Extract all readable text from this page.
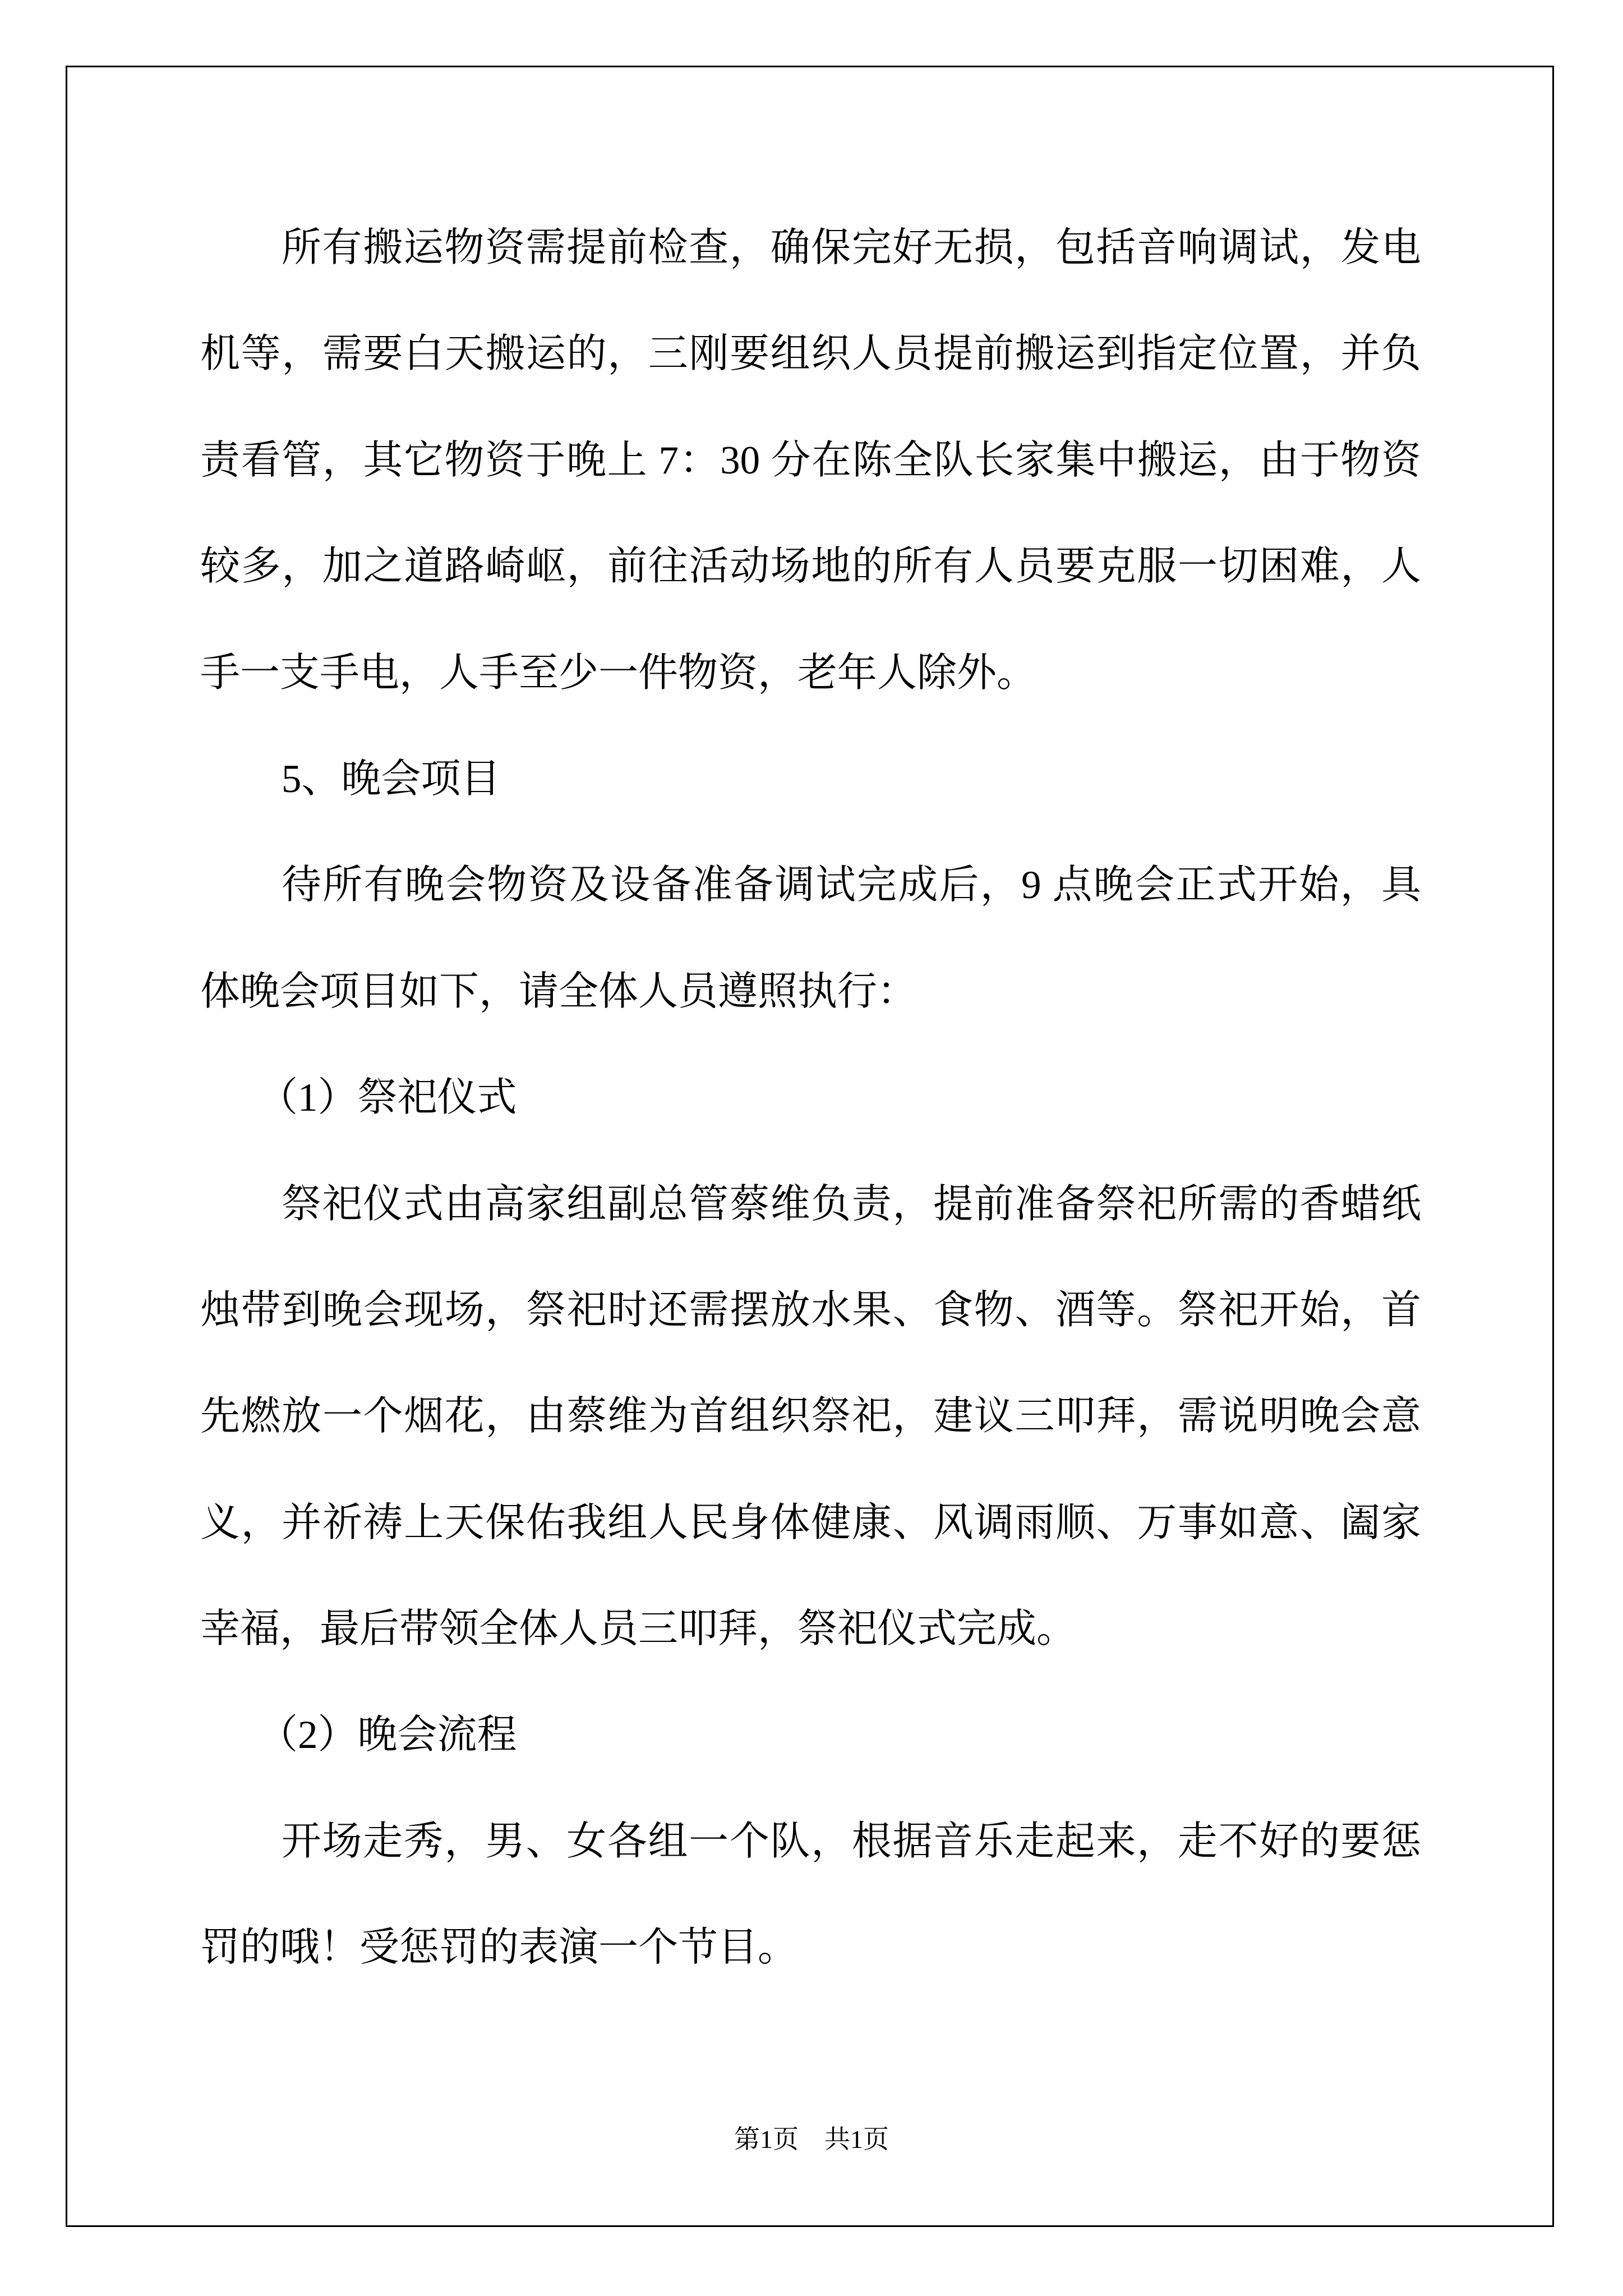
所有搬运物资需提前检查，确保完好无损，包括音响调试，发电
机等，需要白天搬运的，三刚要组织人员提前搬运到指定位置，并负
责看管，其它物资于晚上 7：30 分在陈全队长家集中搬运，由于物资
较多，加之道路崎岖，前往活动场地的所有人员要克服一切困难，人
手一支手电，人手至少一件物资，老年人除外。
5、晚会项目
待所有晚会物资及设备准备调试完成后，9 点晚会正式开始，具
体晚会项目如下，请全体人员遵照执行：
（1）祭祀仪式
祭祀仪式由高家组副总管蔡维负责，提前准备祭祀所需的香蜡纸
烛带到晚会现场，祭祀时还需摆放水果、食物、酒等。祭祀开始，首
先燃放一个烟花，由蔡维为首组织祭祀，建议三叩拜，需说明晚会意
义，并祈祷上天保佑我组人民身体健康、风调雨顺、万事如意、阖家
幸福，最后带领全体人员三叩拜，祭祀仪式完成。
（2）晚会流程
开场走秀，男、女各组一个队，根据音乐走起来，走不好的要惩
罚的哦！受惩罚的表演一个节目。
第1页　共1页
